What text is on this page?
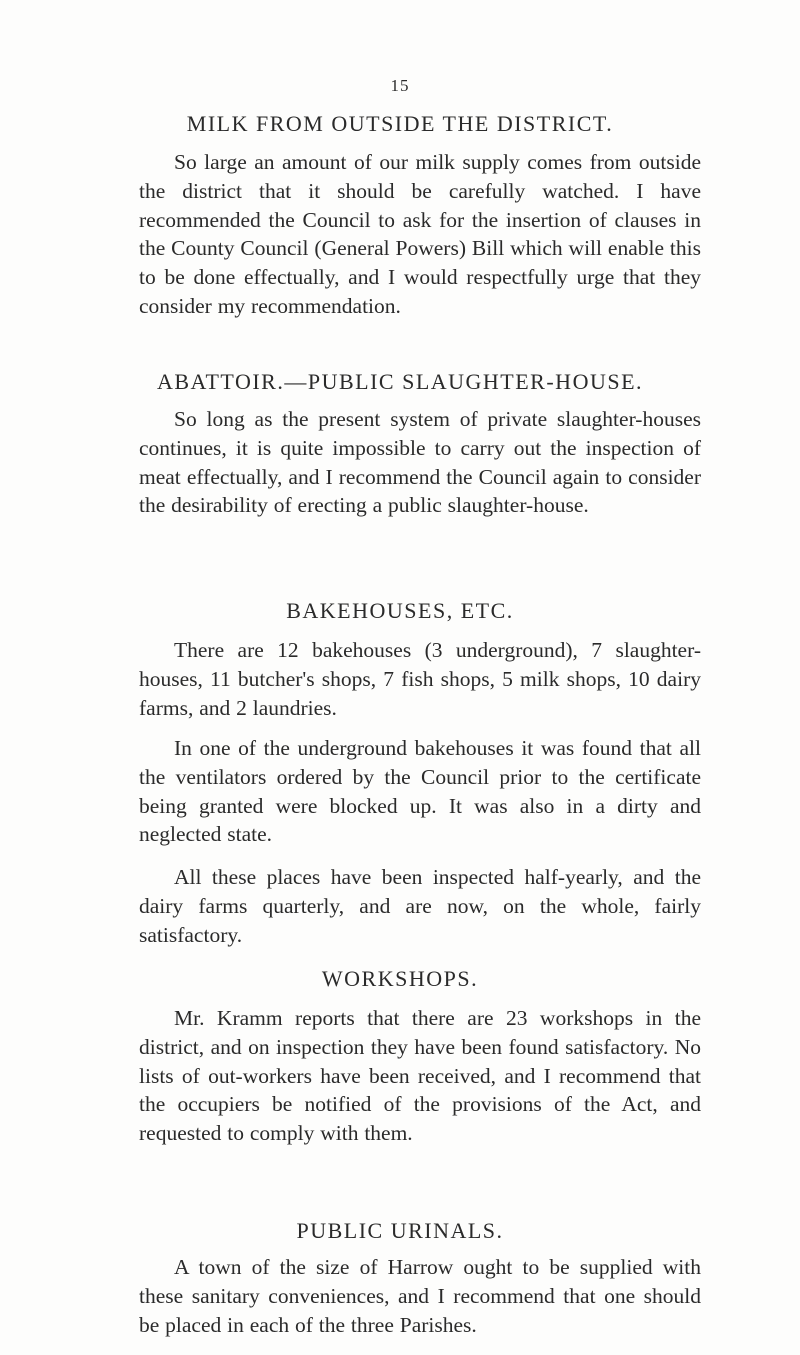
15
MILK FROM OUTSIDE THE DISTRICT.

So large an amount of our milk supply comes from outside the district that it should be carefully watched. I have recommended the Council to ask for the insertion of clauses in the County Council (General Powers) Bill which will enable this to be done effectually, and I would respectfully urge that they consider my recommendation.

ABATTOIR.—PUBLIC SLAUGHTER-HOUSE.

So long as the present system of private slaughter-houses continues, it is quite impossible to carry out the inspection of meat effectually, and I recommend the Council again to consider the desirability of erecting a public slaughter-house.

BAKEHOUSES, ETC.

There are 12 bakehouses (3 underground), 7 slaughter-houses, 11 butcher's shops, 7 fish shops, 5 milk shops, 10 dairy farms, and 2 laundries.

In one of the underground bakehouses it was found that all the ventilators ordered by the Council prior to the certificate being granted were blocked up. It was also in a dirty and neglected state.

All these places have been inspected half-yearly, and the dairy farms quarterly, and are now, on the whole, fairly satisfactory.

WORKSHOPS.

Mr. Kramm reports that there are 23 workshops in the district, and on inspection they have been found satisfactory. No lists of out-workers have been received, and I recommend that the occupiers be notified of the provisions of the Act, and requested to comply with them.

PUBLIC URINALS.

A town of the size of Harrow ought to be supplied with these sanitary conveniences, and I recommend that one should be placed in each of the three Parishes.
